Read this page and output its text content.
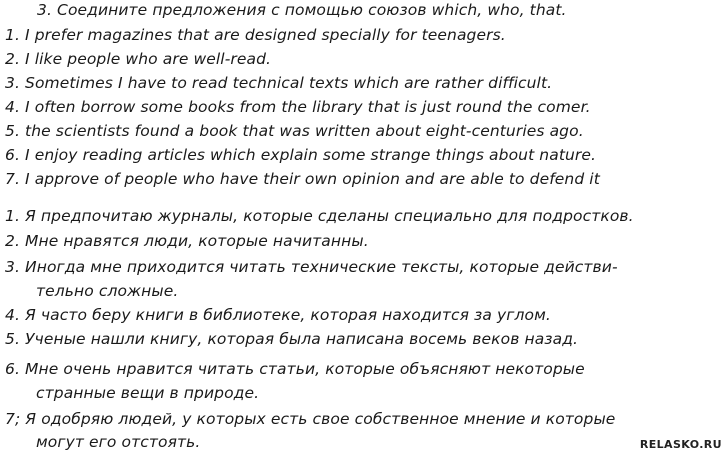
3. Соедините предложения с помощью союзов which, who, that.
1. I prefer magazines that are designed specially for teenagers.
2. I like people who are well-read.
3. Sometimes I have to read technical texts which are rather difficult.
4. I often borrow some books from the library that is just round the comer.
5. the scientists found a book that was written about eight-centuries ago.
6. I enjoy reading articles which explain some strange things about nature.
7. I approve of people who have their own opinion and are able to defend it
1. Я предпочитаю журналы, которые сделаны специально для подростков.
2. Мне нравятся люди, которые начитанны.
3. Иногда мне приходится читать технические тексты, которые действи-
тельно сложные.
4. Я часто беру книги в библиотеке, которая находится за углом.
5. Ученые нашли книгу, которая была написана восемь веков назад.
6. Мне очень нравится читать статьи, которые объясняют некоторые
странные вещи в природе.
7; Я одобряю людей, у которых есть свое собственное мнение и которые
могут его отстоять.	RELASKO.RU
